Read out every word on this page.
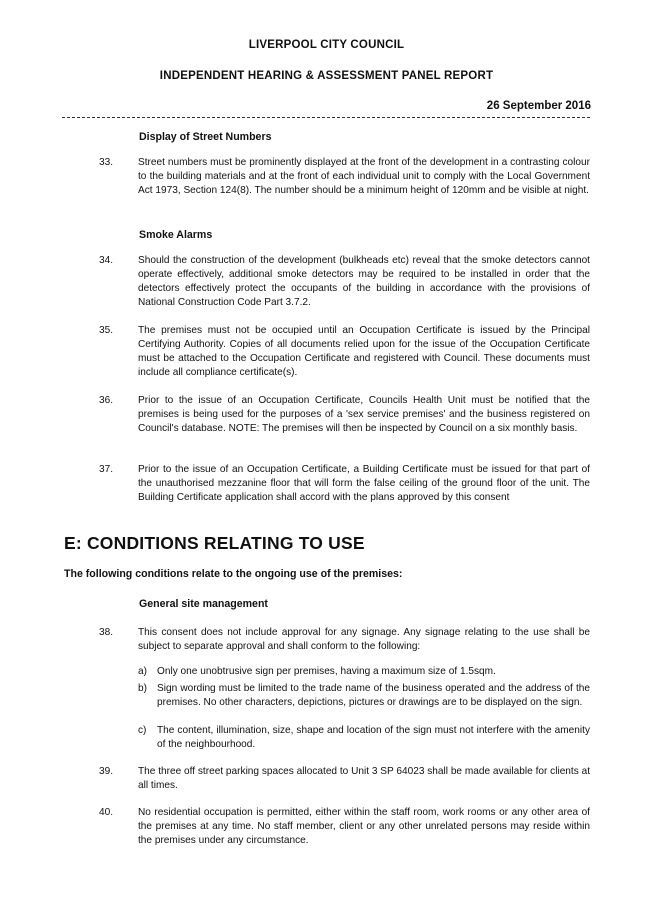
LIVERPOOL CITY COUNCIL
INDEPENDENT HEARING & ASSESSMENT PANEL REPORT
26 September 2016
Display of Street Numbers
33.	Street numbers must be prominently displayed at the front of the development in a contrasting colour to the building materials and at the front of each individual unit to comply with the Local Government Act 1973, Section 124(8). The number should be a minimum height of 120mm and be visible at night.
Smoke Alarms
34.	Should the construction of the development (bulkheads etc) reveal that the smoke detectors cannot operate effectively, additional smoke detectors may be required to be installed in order that the detectors effectively protect the occupants of the building in accordance with the provisions of National Construction Code Part 3.7.2.
35.	The premises must not be occupied until an Occupation Certificate is issued by the Principal Certifying Authority. Copies of all documents relied upon for the issue of the Occupation Certificate must be attached to the Occupation Certificate and registered with Council. These documents must include all compliance certificate(s).
36.	Prior to the issue of an Occupation Certificate, Councils Health Unit must be notified that the premises is being used for the purposes of a 'sex service premises' and the business registered on Council's database. NOTE: The premises will then be inspected by Council on a six monthly basis.
37.	Prior to the issue of an Occupation Certificate, a Building Certificate must be issued for that part of the unauthorised mezzanine floor that will form the false ceiling of the ground floor of the unit. The Building Certificate application shall accord with the plans approved by this consent
E: CONDITIONS RELATING TO USE
The following conditions relate to the ongoing use of the premises:
General site management
38.	This consent does not include approval for any signage. Any signage relating to the use shall be subject to separate approval and shall conform to the following:
a) Only one unobtrusive sign per premises, having a maximum size of 1.5sqm.
b) Sign wording must be limited to the trade name of the business operated and the address of the premises. No other characters, depictions, pictures or drawings are to be displayed on the sign.
c)	The content, illumination, size, shape and location of the sign must not interfere with the amenity of the neighbourhood.
39.	The three off street parking spaces allocated to Unit 3 SP 64023 shall be made available for clients at all times.
40.	No residential occupation is permitted, either within the staff room, work rooms or any other area of the premises at any time. No staff member, client or any other unrelated persons may reside within the premises under any circumstance.
